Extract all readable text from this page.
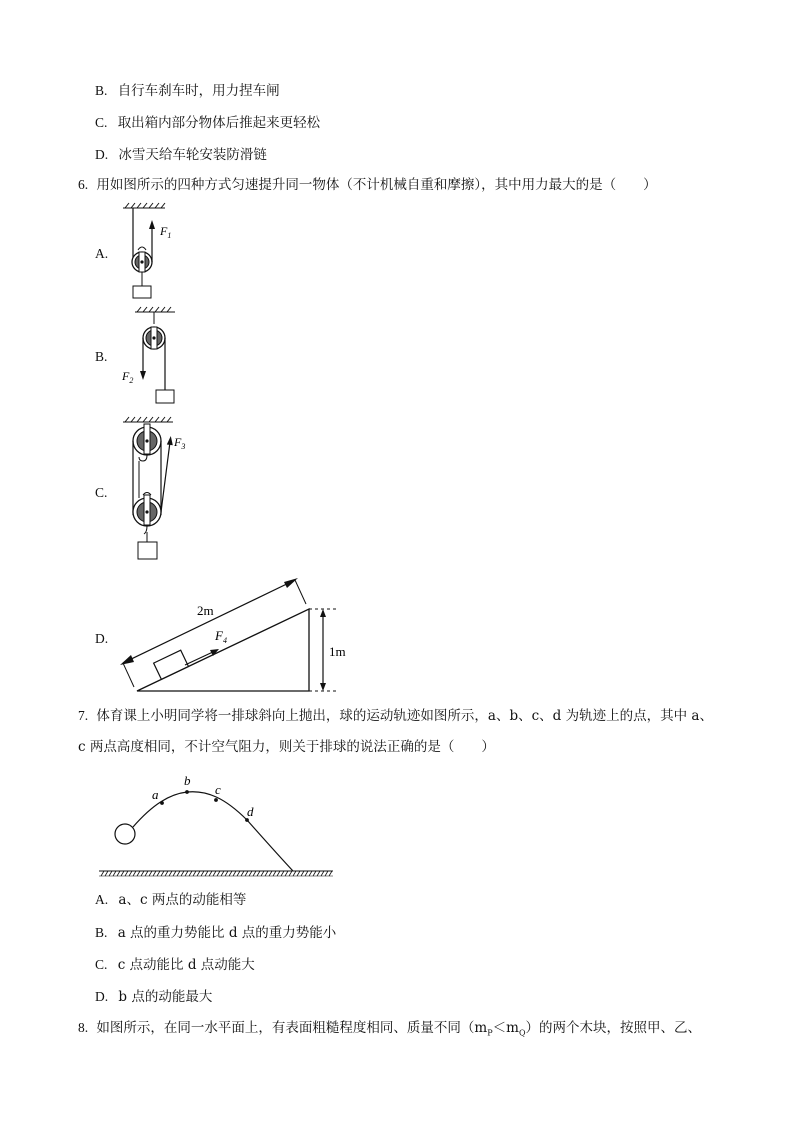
B. 自行车刹车时，用力捏车闸
C. 取出箱内部分物体后推起来更轻松
D. 冰雪天给车轮安装防滑链
6. 用如图所示的四种方式匀速提升同一物体（不计机械自重和摩擦），其中用力最大的是（　　）
A.
$F_1$
B.
$F_2$
C.
$F_3$
D.
2m
$F_4$
1m
7. 体育课上小明同学将一排球斜向上抛出，球的运动轨迹如图所示，a、b、c、d 为轨迹上的点，其中 a、
c 两点高度相同，不计空气阻力，则关于排球的说法正确的是（　　）
a
b
c
d
A. a、c 两点的动能相等
B. a 点的重力势能比 d 点的重力势能小
C. c 点动能比 d 点动能大
D. b 点的动能最大
8. 如图所示，在同一水平面上，有表面粗糙程度相同、质量不同$(m_P<m_Q)$的两个木块，按照甲、乙、
